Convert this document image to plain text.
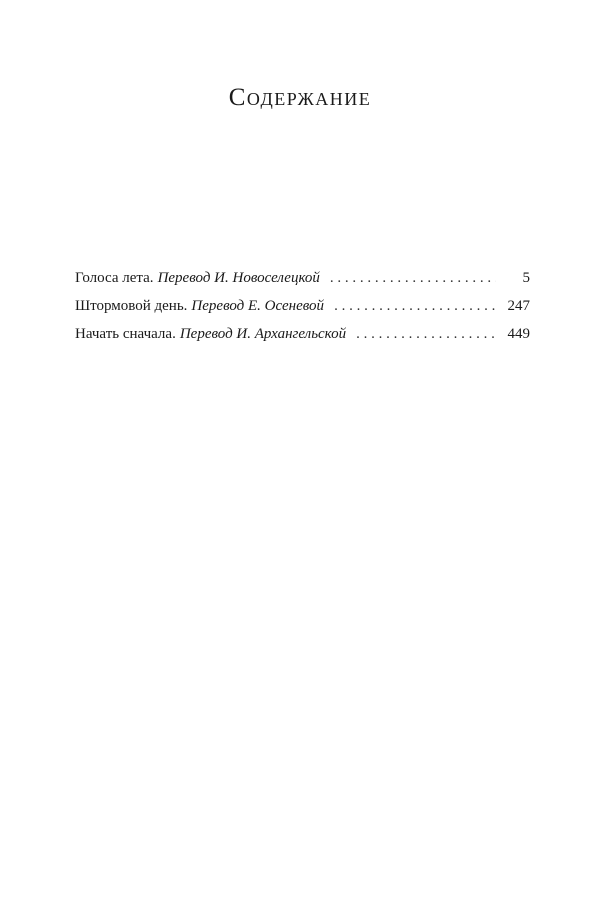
Содержание
Голоса лета. Перевод И. Новоселецкой . . .	5
Штормовой день. Перевод Е. Осеневой . . .	247
Начать сначала. Перевод И. Архангельской . . .	449
